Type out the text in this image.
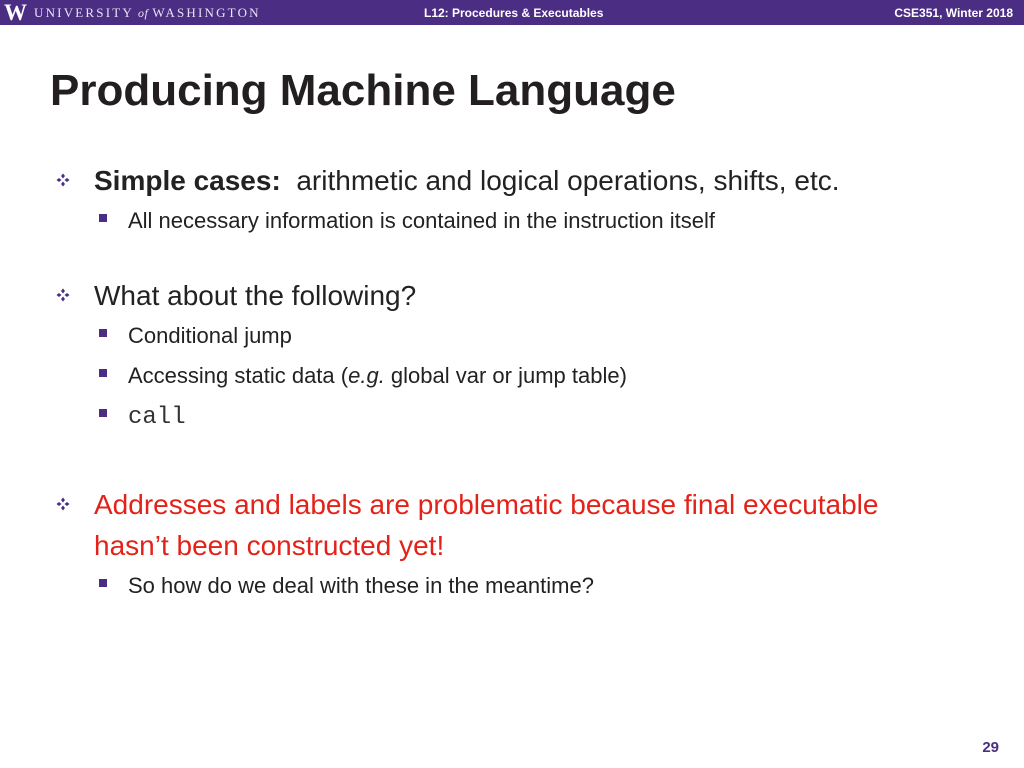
W UNIVERSITY of WASHINGTON	L12: Procedures & Executables	CSE351, Winter 2018
Producing Machine Language
Simple cases: arithmetic and logical operations, shifts, etc.
All necessary information is contained in the instruction itself
What about the following?
Conditional jump
Accessing static data (e.g. global var or jump table)
call
Addresses and labels are problematic because final executable
hasn’t been constructed yet!
So how do we deal with these in the meantime?
29
